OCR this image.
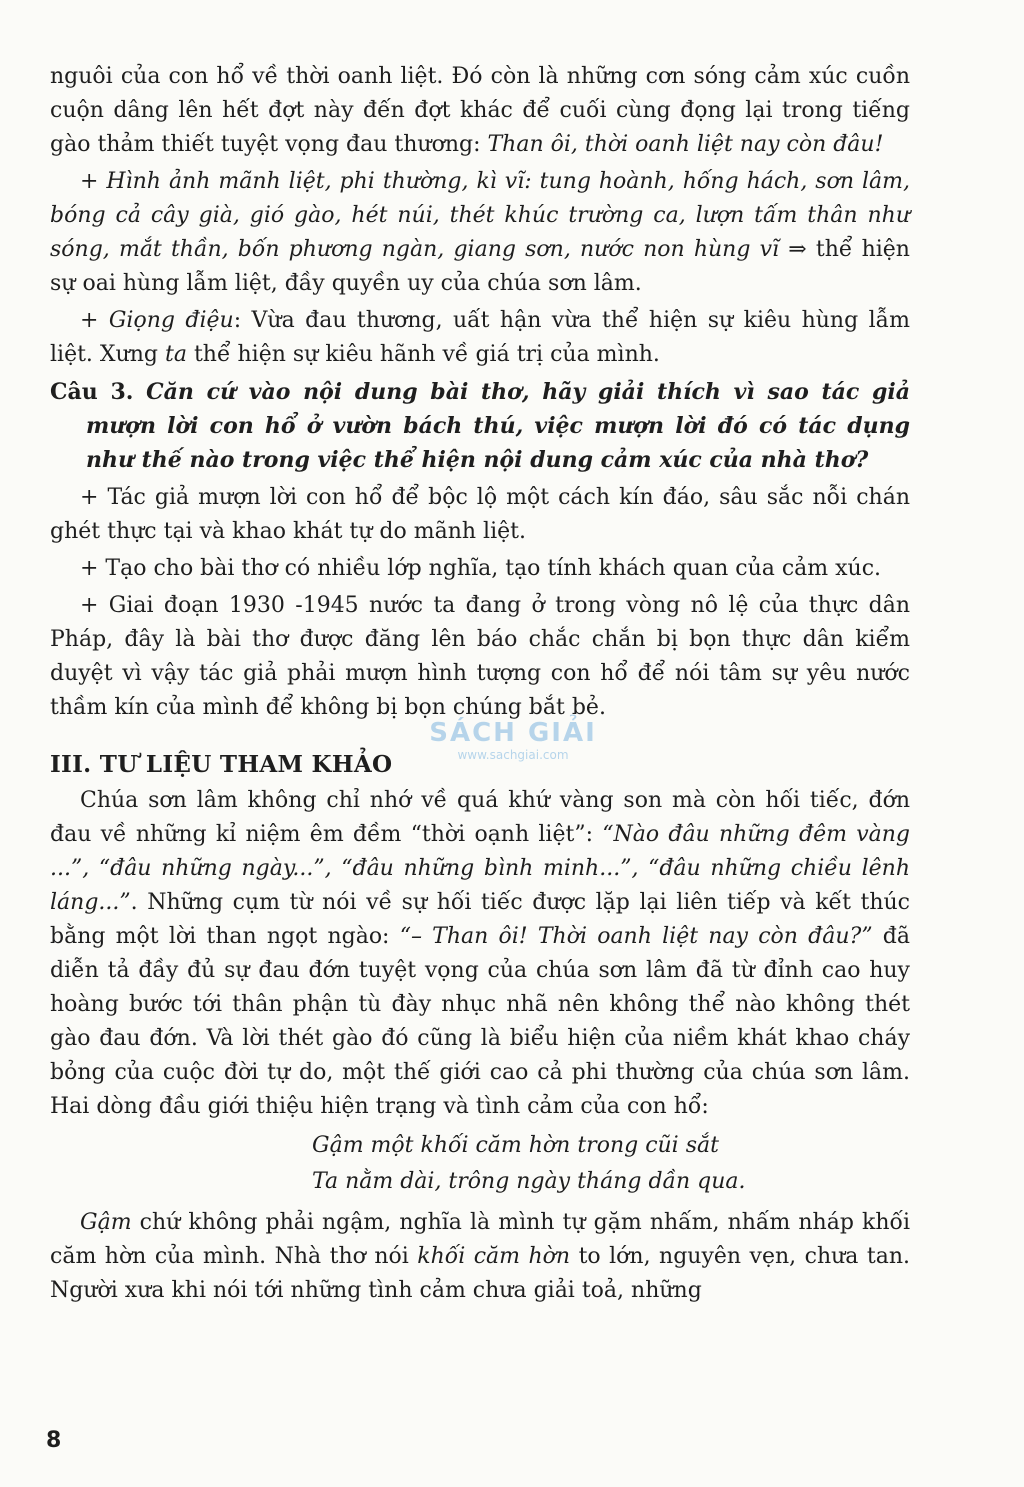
nguôi của con hổ về thời oanh liệt. Đó còn là những cơn sóng cảm xúc cuồn cuộn dâng lên hết đợt này đến đợt khác để cuối cùng đọng lại trong tiếng gào thảm thiết tuyệt vọng đau thương: Than ôi, thời oanh liệt nay còn đâu!

+ Hình ảnh mãnh liệt, phi thường, kì vĩ: tung hoành, hống hách, sơn lâm, bóng cả cây già, gió gào, hét núi, thét khúc trường ca, lượn tấm thân như sóng, mắt thần, bốn phương ngàn, giang sơn, nước non hùng vĩ ⇒ thể hiện sự oai hùng lẫm liệt, đầy quyền uy của chúa sơn lâm.

+ Giọng điệu: Vừa đau thương, uất hận vừa thể hiện sự kiêu hùng lẫm liệt. Xưng ta thể hiện sự kiêu hãnh về giá trị của mình.

Câu 3. Căn cứ vào nội dung bài thơ, hãy giải thích vì sao tác giả mượn lời con hổ ở vườn bách thú, việc mượn lời đó có tác dụng như thế nào trong việc thể hiện nội dung cảm xúc của nhà thơ?

+ Tác giả mượn lời con hổ để bộc lộ một cách kín đáo, sâu sắc nỗi chán ghét thực tại và khao khát tự do mãnh liệt.

+ Tạo cho bài thơ có nhiều lớp nghĩa, tạo tính khách quan của cảm xúc.

+ Giai đoạn 1930 -1945 nước ta đang ở trong vòng nô lệ của thực dân Pháp, đây là bài thơ được đăng lên báo chắc chắn bị bọn thực dân kiểm duyệt vì vậy tác giả phải mượn hình tượng con hổ để nói tâm sự yêu nước thầm kín của mình để không bị bọn chúng bắt bẻ.

III. TƯ LIỆU THAM KHẢO

Chúa sơn lâm không chỉ nhớ về quá khứ vàng son mà còn hối tiếc, đớn đau về những kỉ niệm êm đềm “thời oạnh liệt”: “Nào đâu những đêm vàng ...”, “đâu những ngày...”, “đâu những bình minh...”, “đâu những chiều lênh láng...”. Những cụm từ nói về sự hối tiếc được lặp lại liên tiếp và kết thúc bằng một lời than ngọt ngào: “– Than ôi! Thời oanh liệt nay còn đâu?” đã diễn tả đầy đủ sự đau đớn tuyệt vọng của chúa sơn lâm đã từ đỉnh cao huy hoàng bước tới thân phận tù đày nhục nhã nên không thể nào không thét gào đau đớn. Và lời thét gào đó cũng là biểu hiện của niềm khát khao cháy bỏng của cuộc đời tự do, một thế giới cao cả phi thường của chúa sơn lâm. Hai dòng đầu giới thiệu hiện trạng và tình cảm của con hổ:

Gậm một khối căm hờn trong cũi sắt
Ta nằm dài, trông ngày tháng dần qua.

Gậm chứ không phải ngậm, nghĩa là mình tự gặm nhấm, nhấm nháp khối căm hờn của mình. Nhà thơ nói khối căm hờn to lớn, nguyên vẹn, chưa tan. Người xưa khi nói tới những tình cảm chưa giải toả, những

SÁCH GIẢI
www.sachgiai.com
8
